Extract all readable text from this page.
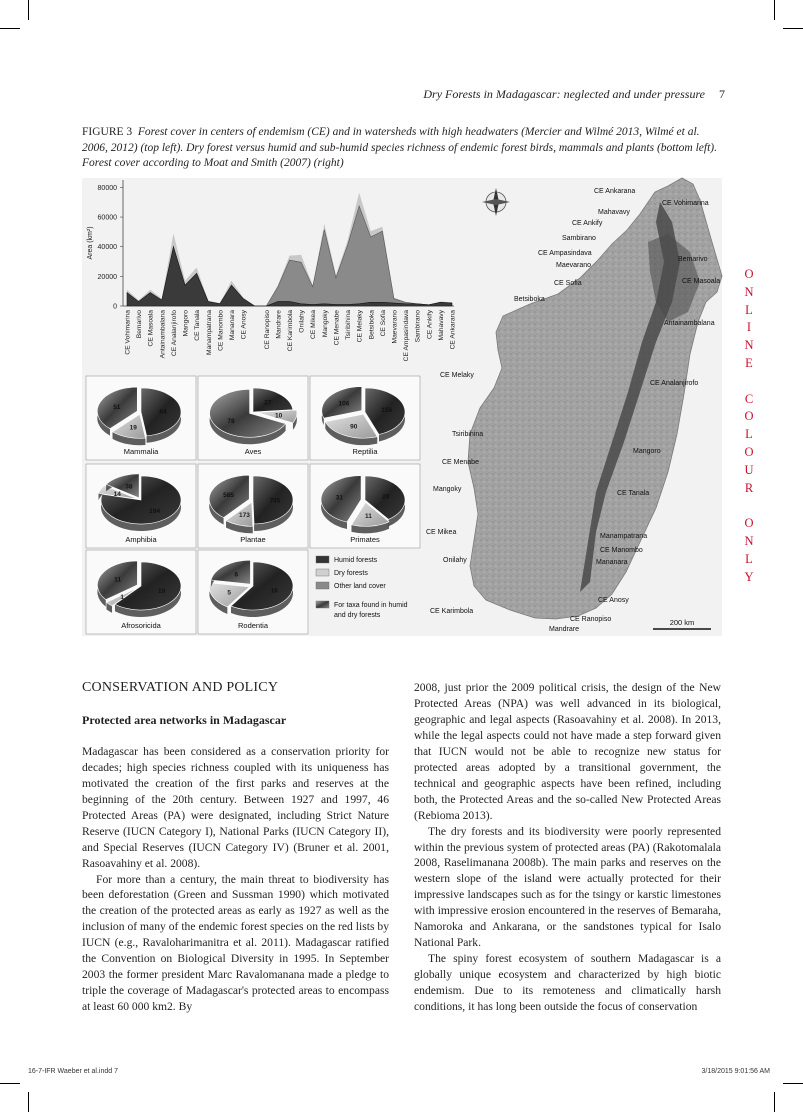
Dry Forests in Madagascar: neglected and under pressure 7
FIGURE 3 Forest cover in centers of endemism (CE) and in watersheds with high headwaters (Mercier and Wilmé 2013, Wilmé et al. 2006, 2012) (top left). Dry forest versus humid and sub-humid species richness of endemic forest birds, mammals and plants (bottom left). Forest cover according to Moat and Smith (2007) (right)
80000
60000
40000
20000
0
Area (km²)
CE Vohimarina Bemarivo CE Masoala Antainambalana CE Analanjirofo Mangoro CE Tanala Manampatrana CE Manombo Mananara CE Anosy CE Ranopiso Mandrare CE Karimbola Onilahy CE Mikea Mangoky CE Menabe Tsiribihina CE Melaky Betsiboka CE Sofia Maevarano CE Ampasindava Sambirano CE Ankify Mahavavy CE Ankarana
64
19
51
Mammalia
27
10
78
Aves
156
90
106
Reptilia
194
14
38
Amphibia
745
173
585
Plantae
28
11
31
Primates
19
1
11
Afrosoricida
16
5
6
Rodentia
Humid forests
Dry forests
Other land cover
For taxa found in humid
and dry forests
CE Ankarana
CE Vohimarina
Mahavavy
CE Ankify
Sambirano
CE Ampasindava
Maevarano
Bemarivo
CE Sofia	CE Masoala
Betsiboka
Antainambalana
CE Melaky
CE Analanjirofo
Tsiribihina
Mangoro
CE Menabe
Mangoky
CE Tanala
CE Mikea
Manampatrana
CE Manombo
Onilahy	Mananara
CE Anosy
CE Karimbola
CE Ranopiso
Mandrare
200 km
O
N
L
I
N
E

C
O
L
O
U
R

O
N
L
Y

CONSERVATION AND POLICY

Protected area networks in Madagascar

Madagascar has been considered as a conservation priority for decades; high species richness coupled with its uniqueness has motivated the creation of the first parks and reserves at the beginning of the 20th century. Between 1927 and 1997, 46 Protected Areas (PA) were designated, including Strict Nature Reserve (IUCN Category I), National Parks (IUCN Category II), and Special Reserves (IUCN Category IV) (Bruner et al. 2001, Rasoavahiny et al. 2008).

For more than a century, the main threat to biodiversity has been deforestation (Green and Sussman 1990) which motivated the creation of the protected areas as early as 1927 as well as the inclusion of many of the endemic forest species on the red lists by IUCN (e.g., Ravaloharimanitra et al. 2011). Madagascar ratified the Convention on Biological Diversity in 1995. In September 2003 the former president Marc Ravalomanana made a pledge to triple the coverage of Madagascar's protected areas to encompass at least 60 000 km2. By

2008, just prior the 2009 political crisis, the design of the New Protected Areas (NPA) was well advanced in its biological, geographic and legal aspects (Rasoavahiny et al. 2008). In 2013, while the legal aspects could not have made a step forward given that IUCN would not be able to recognize new status for protected areas adopted by a transitional government, the technical and geographic aspects have been refined, including both, the Protected Areas and the so-called New Protected Areas (Rebioma 2013).

The dry forests and its biodiversity were poorly represented within the previous system of protected areas (PA) (Rakotomalala 2008, Raselimanana 2008b). The main parks and reserves on the western slope of the island were actually protected for their impressive landscapes such as for the tsingy or karstic limestones with impressive erosion encountered in the reserves of Bemaraha, Namoroka and Ankarana, or the sandstones typical for Isalo National Park.

The spiny forest ecosystem of southern Madagascar is a globally unique ecosystem and characterized by high biotic endemism. Due to its remoteness and climatically harsh conditions, it has long been outside the focus of conservation

16-7-IFR Waeber et al.indd 7	3/18/2015 9:01:56 AM
